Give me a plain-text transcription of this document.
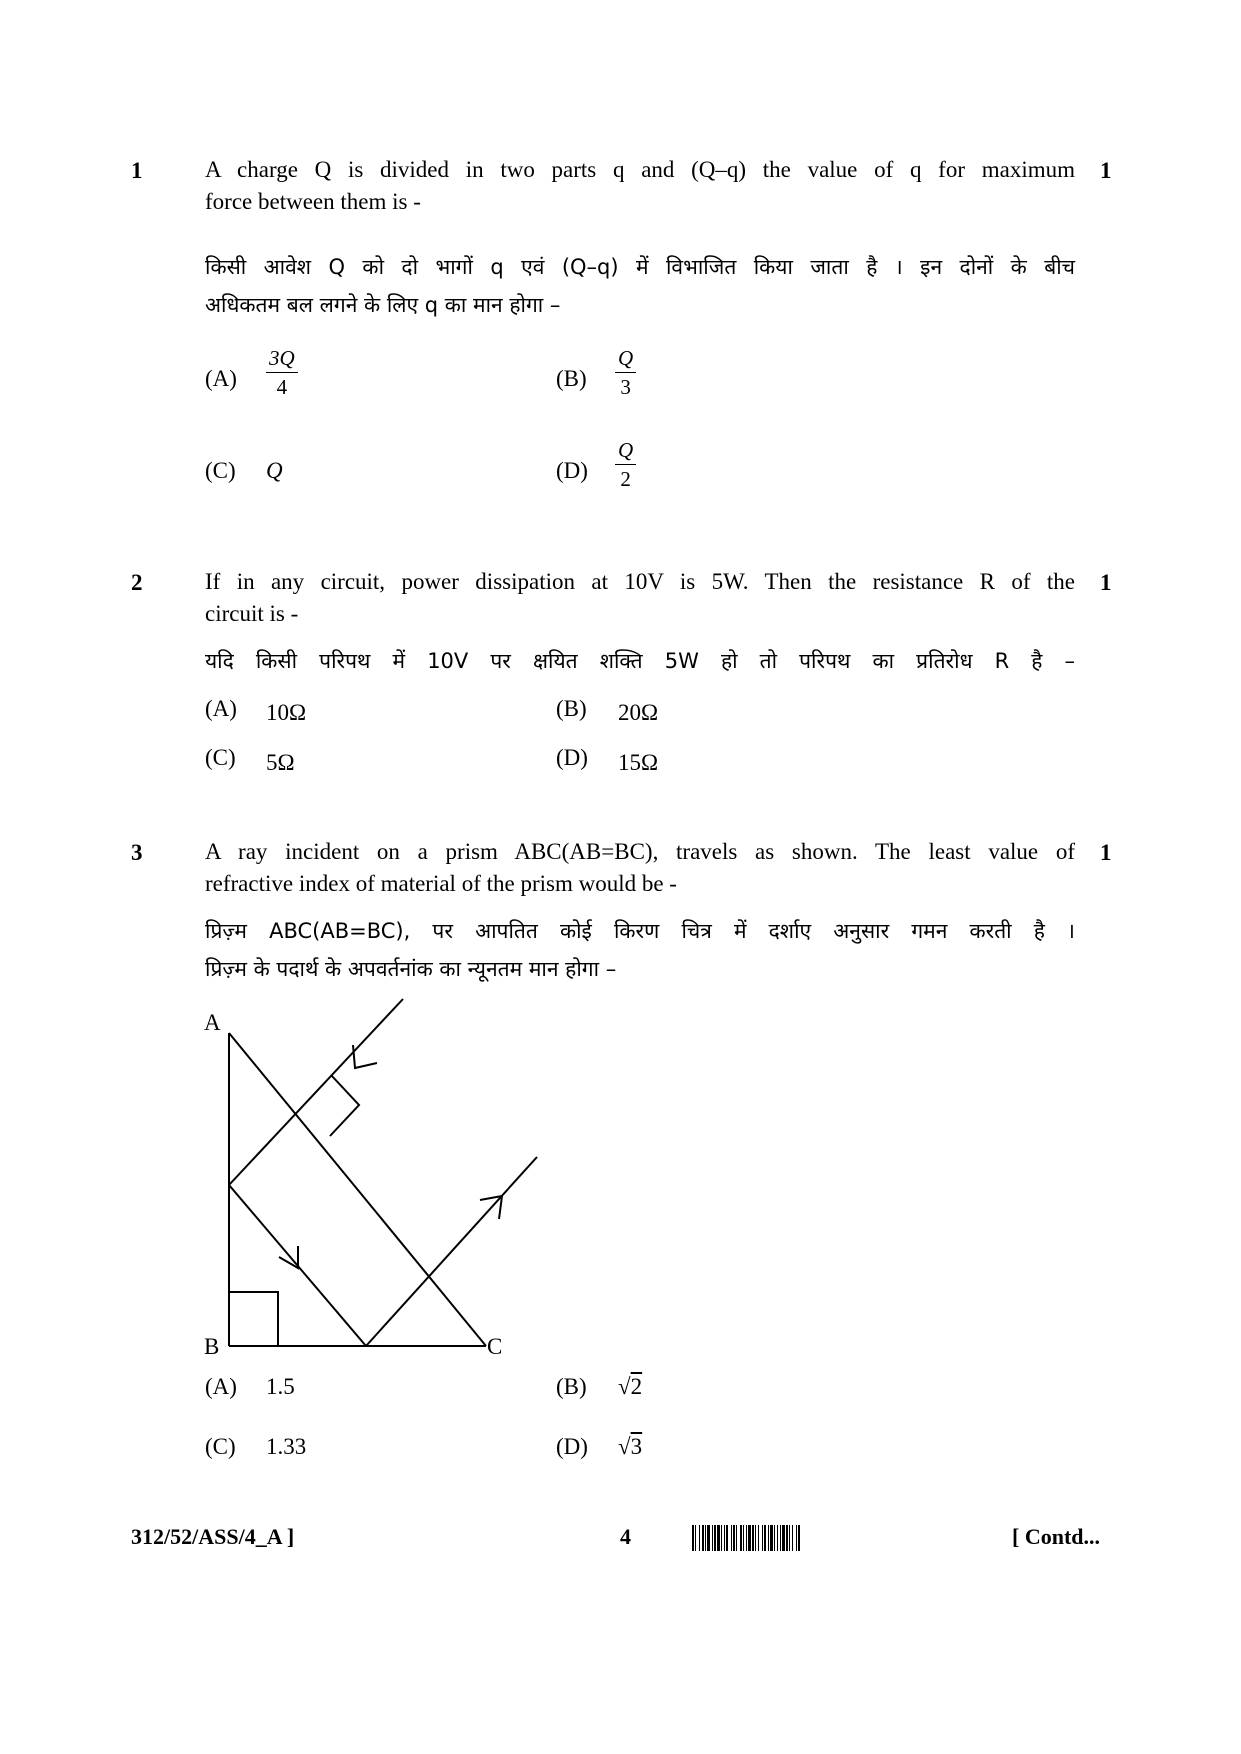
1	1
A charge Q is divided in two parts q and (Q–q) the value of q for maximum
force between them is -
किसी आवेश Q को दो भागों q एवं (Q–q) में विभाजित किया जाता है । इन दोनों के बीच
अधिकतम बल लगने के लिए q का मान होगा –
$(A) \frac{3Q}{4}$	$(B) \frac{Q}{3}$
(C) Q	$(D) \frac{Q}{2}$
2	1
If in any circuit, power dissipation at 10V is 5W. Then the resistance R of the
circuit is -
यदि किसी परिपथ में 10V पर क्षयित शक्ति 5W हो तो परिपथ का प्रतिरोध R है –
(A) 10Ω	(B) 20Ω
(C) 5Ω	(D) 15Ω
3	1
A ray incident on a prism ABC(AB=BC), travels as shown. The least value of
refractive index of material of the prism would be -
प्रिज़्म ABC(AB=BC), पर आपतित कोई किरण चित्र में दर्शाए अनुसार गमन करती है ।
प्रिज़्म के पदार्थ के अपवर्तनांक का न्यूनतम मान होगा –
A
B	C
(A) 1.5	(B) √2
(C) 1.33	(D) √3
312/52/ASS/4_A ]	4	[ Contd...
